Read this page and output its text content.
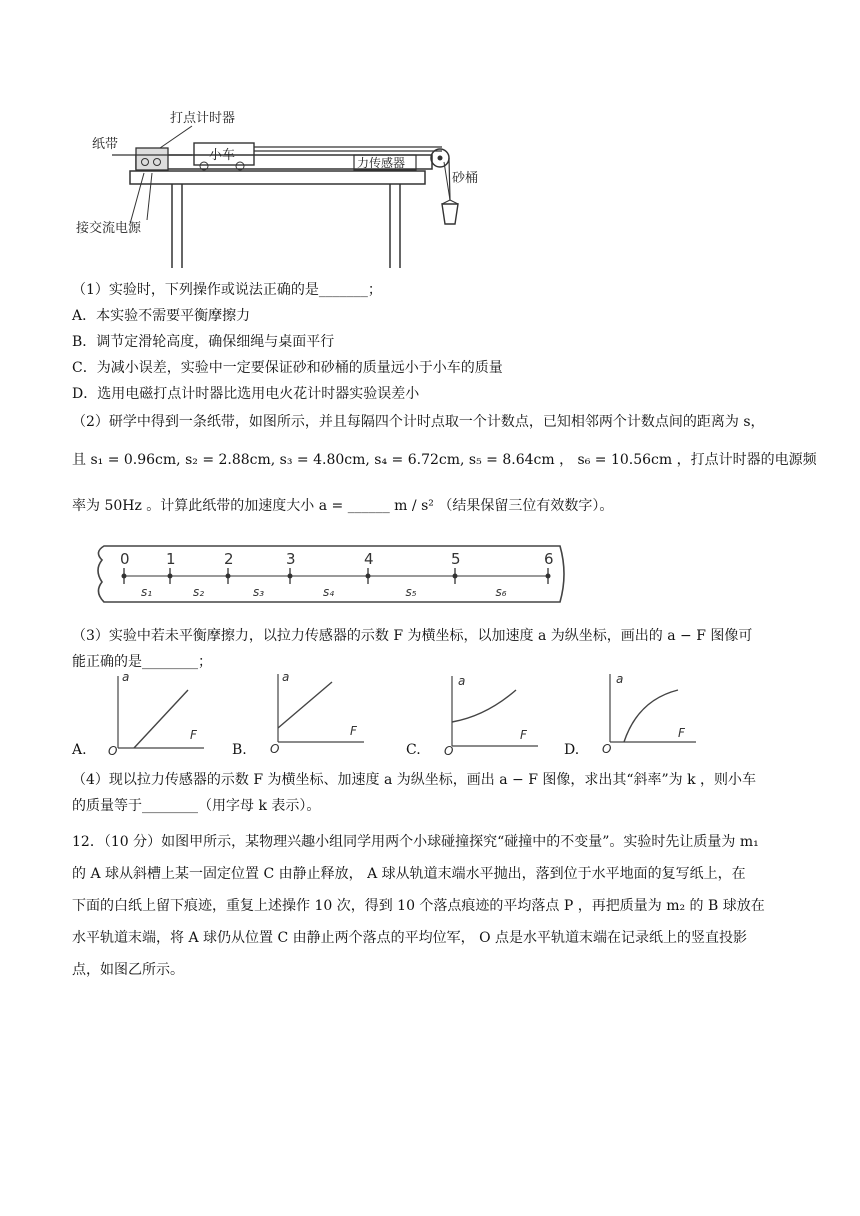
打点计时器
纸带
小车	力传感器
砂桶
接交流电源
（1）实验时，下列操作或说法正确的是_______；
A．本实验不需要平衡摩擦力
B．调节定滑轮高度，确保细绳与桌面平行
C．为减小误差，实验中一定要保证砂和砂桶的质量远小于小车的质量
D．选用电磁打点计时器比选用电火花计时器实验误差小
（2）研学中得到一条纸带，如图所示，并且每隔四个计时点取一个计数点，已知相邻两个计数点间的距离为 s，
且 s₁ = 0.96cm, s₂ = 2.88cm, s₃ = 4.80cm, s₄ = 6.72cm, s₅ = 8.64cm ， s₆ = 10.56cm ，打点计时器的电源频
率为 50Hz 。计算此纸带的加速度大小 a = ______ m / s² （结果保留三位有效数字）。
0 1	2	3	4	5	6
s₁	s₂	s₃	s₄	s₅	s₆
（3）实验中若未平衡摩擦力，以拉力传感器的示数 F 为横坐标，以加速度 a 为纵坐标，画出的 a − F 图像可
能正确的是________；
A.
a
F
O	B.
a
F
O	C.
a
F
O	D.
a
F
O
（4）现以拉力传感器的示数 F 为横坐标、加速度 a 为纵坐标，画出 a − F 图像，求出其“斜率”为 k ，则小车
的质量等于________（用字母 k 表示）。
12．（10 分）如图甲所示，某物理兴趣小组同学用两个小球碰撞探究“碰撞中的不变量”。实验时先让质量为 m₁
的 A 球从斜槽上某一固定位置 C 由静止释放， A 球从轨道末端水平抛出，落到位于水平地面的复写纸上，在
下面的白纸上留下痕迹，重复上述操作 10 次，得到 10 个落点痕迹的平均落点 P ，再把质量为 m₂ 的 B 球放在
水平轨道末端，将 A 球仍从位置 C 由静止两个落点的平均位军， O 点是水平轨道末端在记录纸上的竖直投影
点，如图乙所示。
